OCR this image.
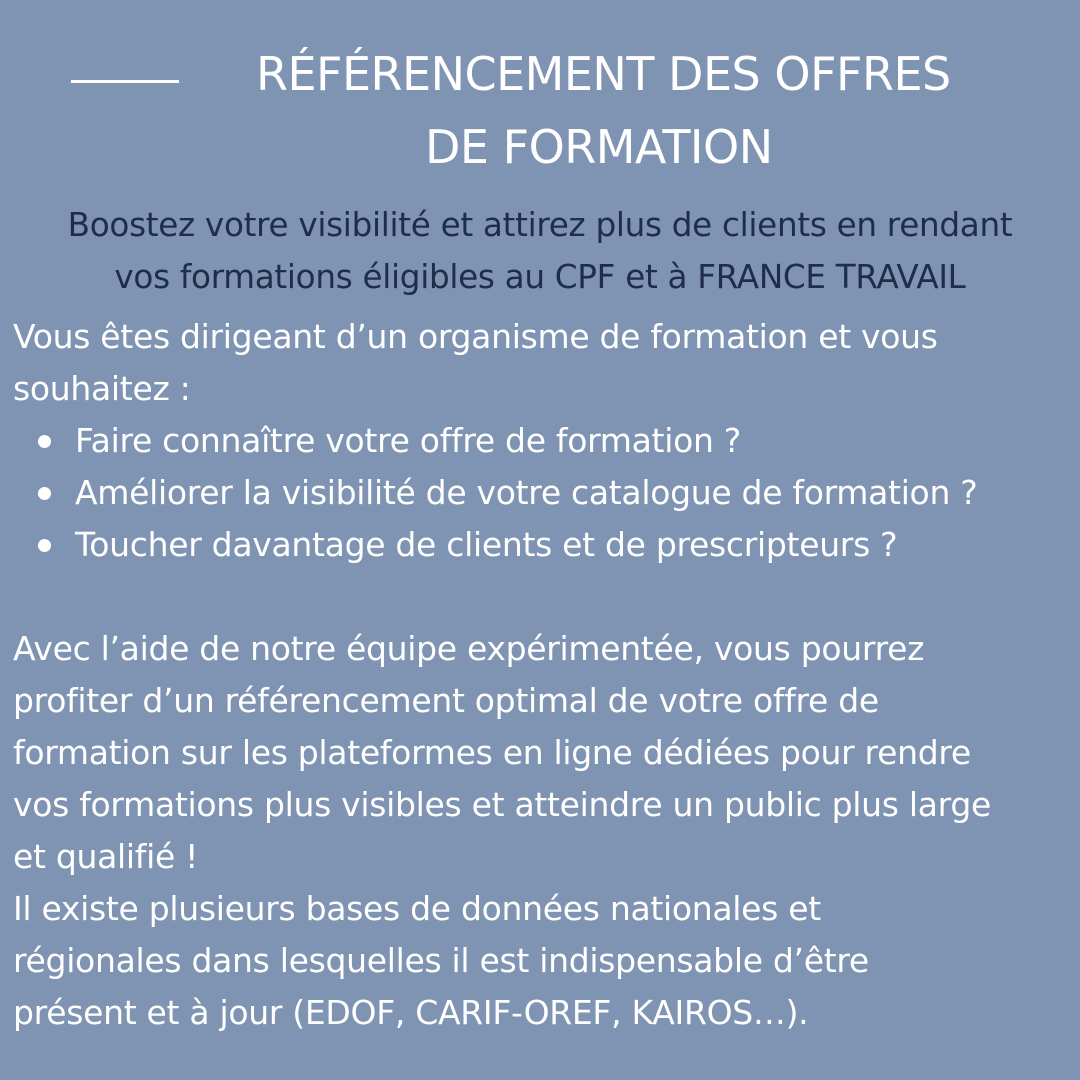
RÉFÉRENCEMENT DES OFFRES
DE FORMATION
Boostez votre visibilité et attirez plus de clients en rendant
vos formations éligibles au CPF et à FRANCE TRAVAIL
Vous êtes dirigeant d’un organisme de formation et vous
souhaitez :
Faire connaître votre offre de formation ?
Améliorer la visibilité de votre catalogue de formation ?
Toucher davantage de clients et de prescripteurs ?
Avec l’aide de notre équipe expérimentée, vous pourrez
profiter d’un référencement optimal de votre offre de
formation sur les plateformes en ligne dédiées pour rendre
vos formations plus visibles et atteindre un public plus large
et qualifié !
Il existe plusieurs bases de données nationales et
régionales dans lesquelles il est indispensable d’être
présent et à jour (EDOF, CARIF-OREF, KAIROS…).
